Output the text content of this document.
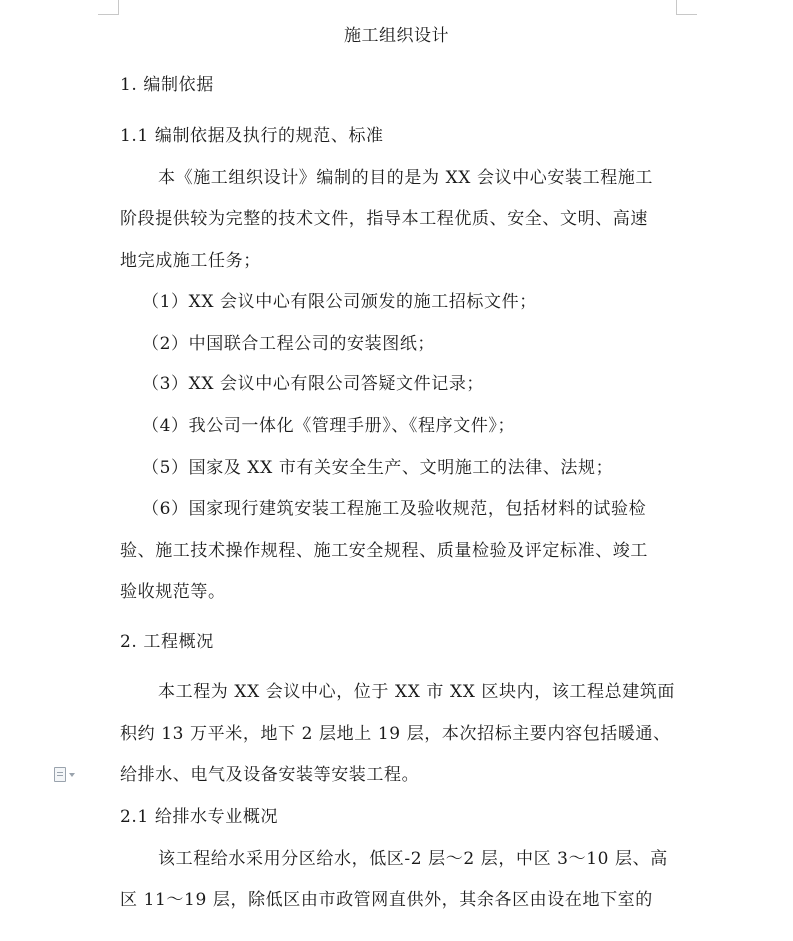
施工组织设计
1. 编制依据
1.1 编制依据及执行的规范、标准
本《施工组织设计》编制的目的是为 XX 会议中心安装工程施工
阶段提供较为完整的技术文件，指导本工程优质、安全、文明、高速
地完成施工任务；
（1）XX 会议中心有限公司颁发的施工招标文件；
（2）中国联合工程公司的安装图纸；
（3）XX 会议中心有限公司答疑文件记录；
（4）我公司一体化《管理手册》、《程序文件》；
（5）国家及 XX 市有关安全生产、文明施工的法律、法规；
（6）国家现行建筑安装工程施工及验收规范，包括材料的试验检
验、施工技术操作规程、施工安全规程、质量检验及评定标准、竣工
验收规范等。
2. 工程概况
本工程为 XX 会议中心，位于 XX 市 XX 区块内，该工程总建筑面
积约 13 万平米，地下 2 层地上 19 层，本次招标主要内容包括暖通、
给排水、电气及设备安装等安装工程。
2.1 给排水专业概况
该工程给水采用分区给水，低区-2 层～2 层，中区 3～10 层、高
区 11～19 层，除低区由市政管网直供外，其余各区由设在地下室的
